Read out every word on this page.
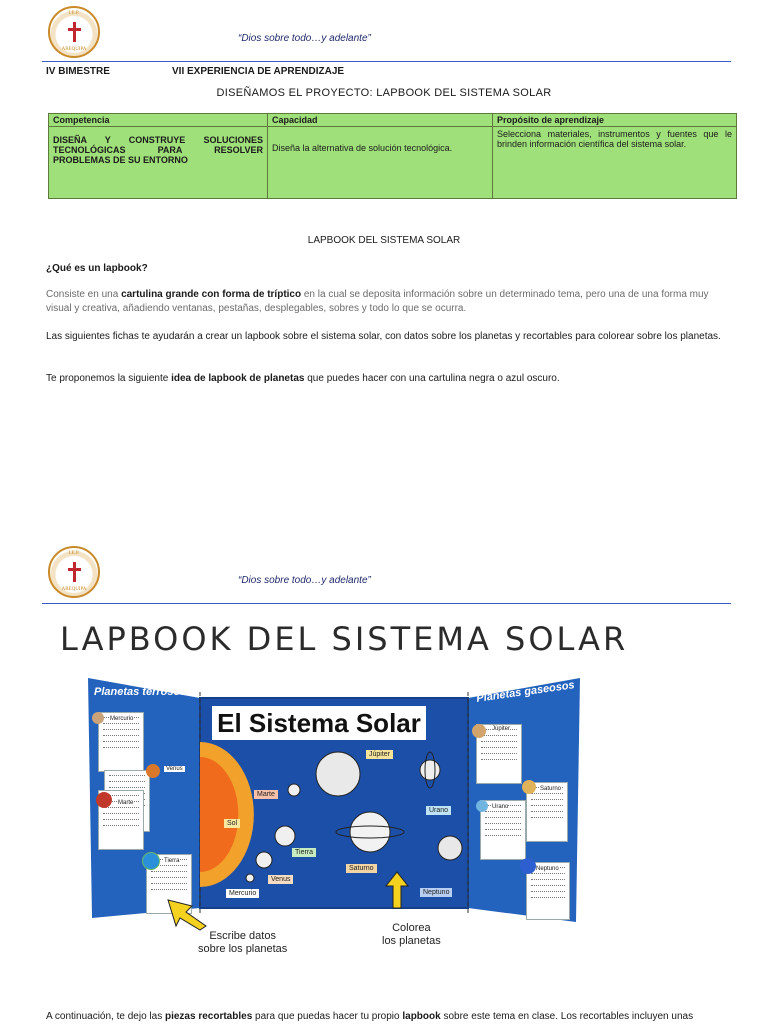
I.E.P.
AREQUIPA
“Dios sobre todo…y adelante”
IV BIMESTRE	VII EXPERIENCIA DE APRENDIZAJE
DISEÑAMOS EL PROYECTO: LAPBOOK DEL SISTEMA SOLAR
Competencia	Capacidad	Propósito de aprendizaje
DISEÑA Y CONSTRUYE SOLUCIONES TECNOLÓGICAS PARA RESOLVER PROBLEMAS DE SU ENTORNO	Diseña la alternativa de solución tecnológica.	Selecciona materiales, instrumentos y fuentes que le brinden información científica del sistema solar.
LAPBOOK DEL SISTEMA SOLAR
¿Qué es un lapbook?
Consiste en una cartulina grande con forma de tríptico en la cual se deposita información sobre un determinado tema, pero una de una forma muy visual y creativa, añadiendo ventanas, pestañas, desplegables, sobres y todo lo que se ocurra.
Las siguientes fichas te ayudarán a crear un lapbook sobre el sistema solar, con datos sobre los planetas y recortables para colorear sobre los planetas.
Te proponemos la siguiente idea de lapbook de planetas que puedes hacer con una cartulina negra o azul oscuro.
I.E.P.
AREQUIPA
“Dios sobre todo…y adelante”
LAPBOOK DEL SISTEMA SOLAR
Planetas terrosos	Planetas gaseosos
El Sistema Solar
Mercurio
Venus
Marte
Tierra
Júpiter
Saturno
Urano
Neptuno
Júpiter
Marte
Sol
Urano
Tierra
Saturno
Venus
Mercurio	Neptuno
Escribe datos
sobre los planetas
Colorea
los planetas
A continuación, te dejo las piezas recortables para que puedas hacer tu propio lapbook sobre este tema en clase. Los recortables incluyen unas
